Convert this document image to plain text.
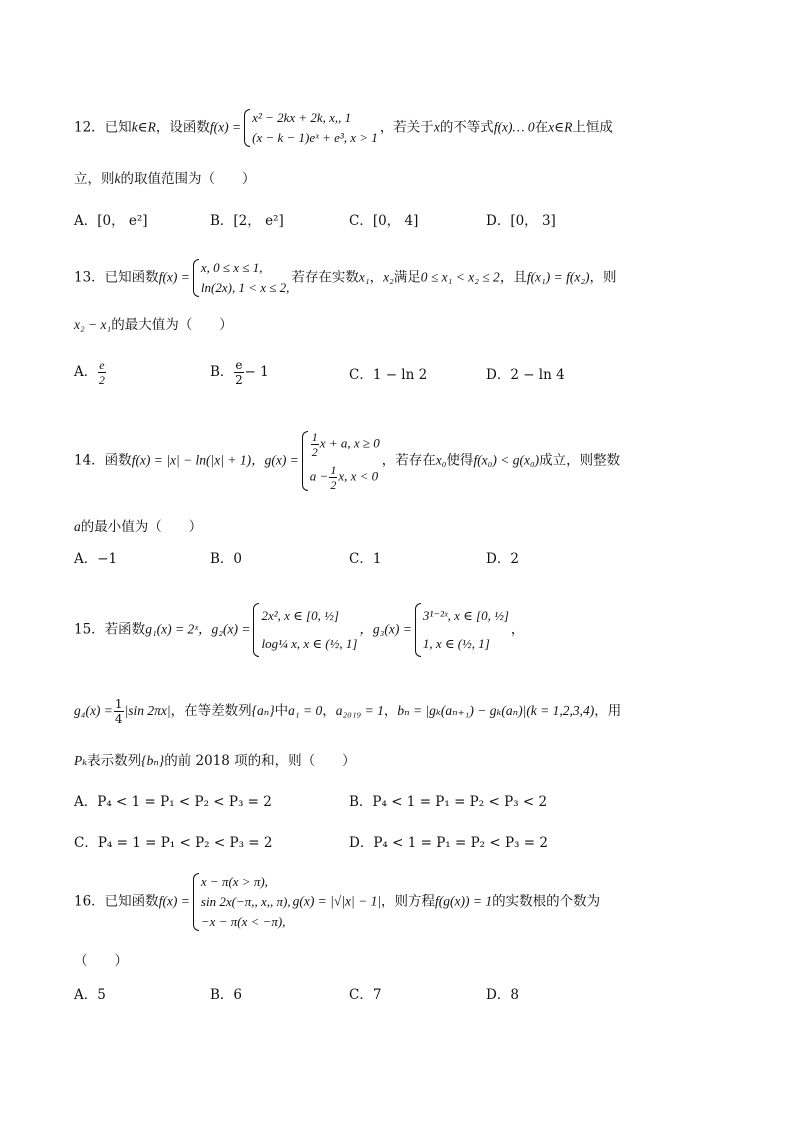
12．已知k∈R，设函数f(x) =
x² − 2kx + 2k, x,, 1
(x − k − 1)eˣ + e³, x > 1
，若关于x的不等式f(x)… 0在x∈R上恒成
立，则k的取值范围为（　　）
A．[0， e²]	B．[2， e²]	C．[0， 4]	D．[0， 3]
13．已知函数f(x) =
x, 0 ≤ x ≤ 1,
ln(2x), 1 < x ≤ 2,
若存在实数x₁，x₂满足0 ≤ x₁ < x₂ ≤ 2，且f(x₁) = f(x₂)，则
x₂ − x₁的最大值为（　　）
A． $\frac{e}{2}$	B． $\frac{e}{2} - 1$	C．1 − ln 2	D．2 − ln 4
14．函数f(x) = |x| − ln(|x| + 1)，g(x) =
$\frac{1}{2}$ x + a, x ≥ 0
$a - \frac{1}{2} x$, x < 0
，若存在x₀使得f(x₀) < g(x₀)成立，则整数
a的最小值为（　　）
A．−1	B．0	C．1	D．2
15．若函数g₁(x) = 2ˣ，g₂(x) =
2x², x ∈ [0, ½]
log¼ x, x ∈ (½, 1]
，g₃(x) =
3¹⁻²ˣ, x ∈ [0, ½]
1, x ∈ (½, 1]
，
$g_4(x) = \frac{1}{4} |\sin$ 2πx|，在等差数列{aₙ}中a₁ = 0，a₂₀₁₉ = 1，bₙ = |gₖ(aₙ₊₁) − gₖ(aₙ)|(k = 1,2,3,4)，用
Pₖ表示数列{bₙ}的前 2018 项的和，则（　　）
A．P₄ < 1 = P₁ < P₂ < P₃ = 2	B．P₄ < 1 = P₁ = P₂ < P₃ < 2
C．P₄ = 1 = P₁ < P₂ < P₃ = 2	D．P₄ < 1 = P₁ = P₂ < P₃ = 2
16．已知函数f(x) =
x − π(x > π),
sin 2x(−π,, x,, π),
−x − π(x < −π),
g(x) = |√|x| − 1|，则方程f(g(x)) = 1的实数根的个数为
（　　）
A．5	B．6	C．7	D．8
